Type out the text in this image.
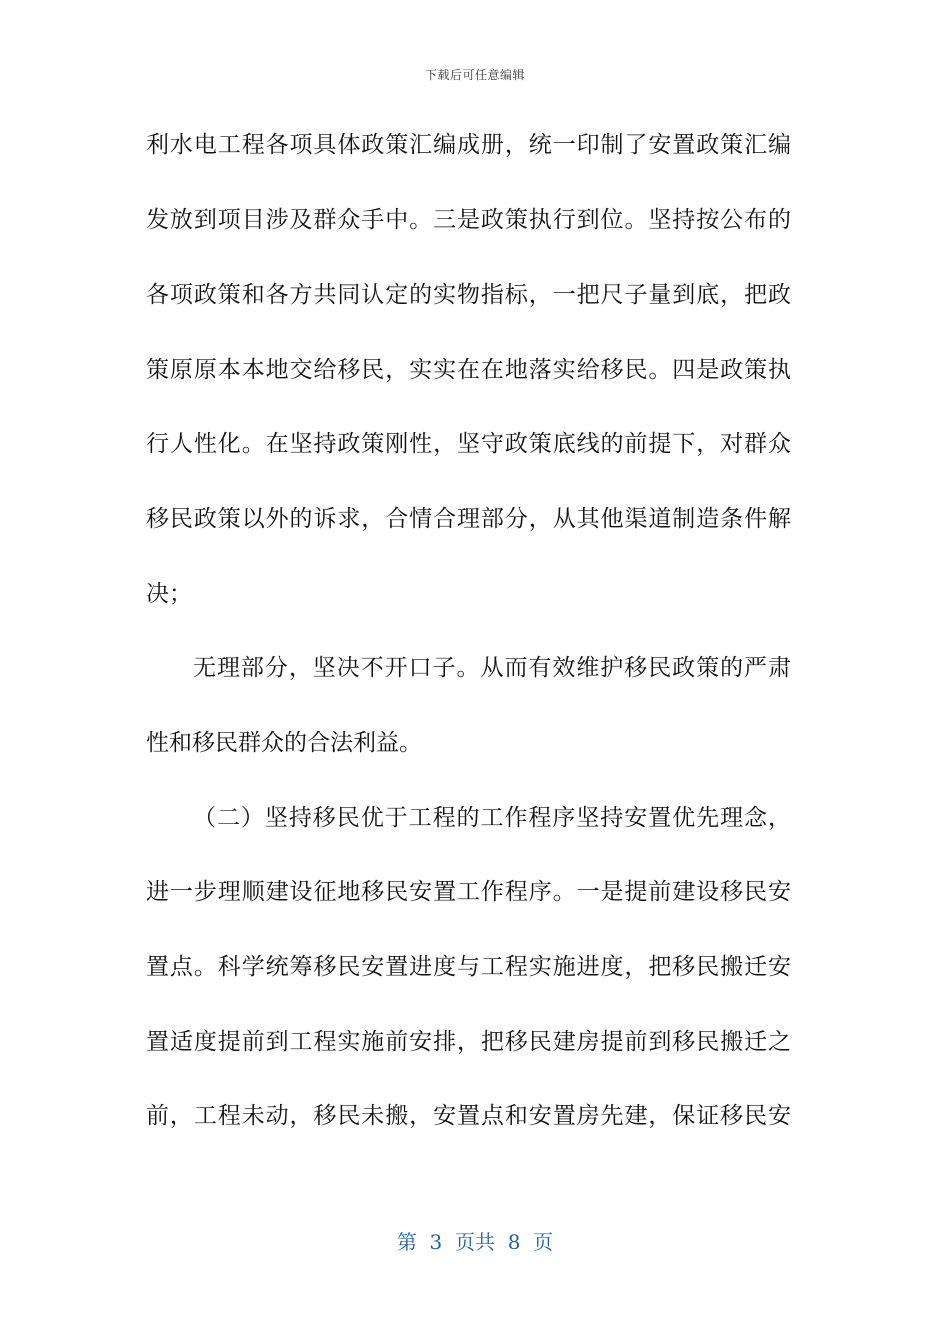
下载后可任意编辑
利水电工程各项具体政策汇编成册，统一印制了安置政策汇编
发放到项目涉及群众手中。三是政策执行到位。坚持按公布的
各项政策和各方共同认定的实物指标，一把尺子量到底，把政
策原原本本地交给移民，实实在在地落实给移民。四是政策执
行人性化。在坚持政策刚性，坚守政策底线的前提下，对群众
移民政策以外的诉求，合情合理部分，从其他渠道制造条件解
决；
无理部分，坚决不开口子。从而有效维护移民政策的严肃
性和移民群众的合法利益。
（二）坚持移民优于工程的工作程序坚持安置优先理念，
进一步理顺建设征地移民安置工作程序。一是提前建设移民安
置点。科学统筹移民安置进度与工程实施进度，把移民搬迁安
置适度提前到工程实施前安排，把移民建房提前到移民搬迁之
前，工程未动，移民未搬，安置点和安置房先建，保证移民安
第  3  页共  8  页
